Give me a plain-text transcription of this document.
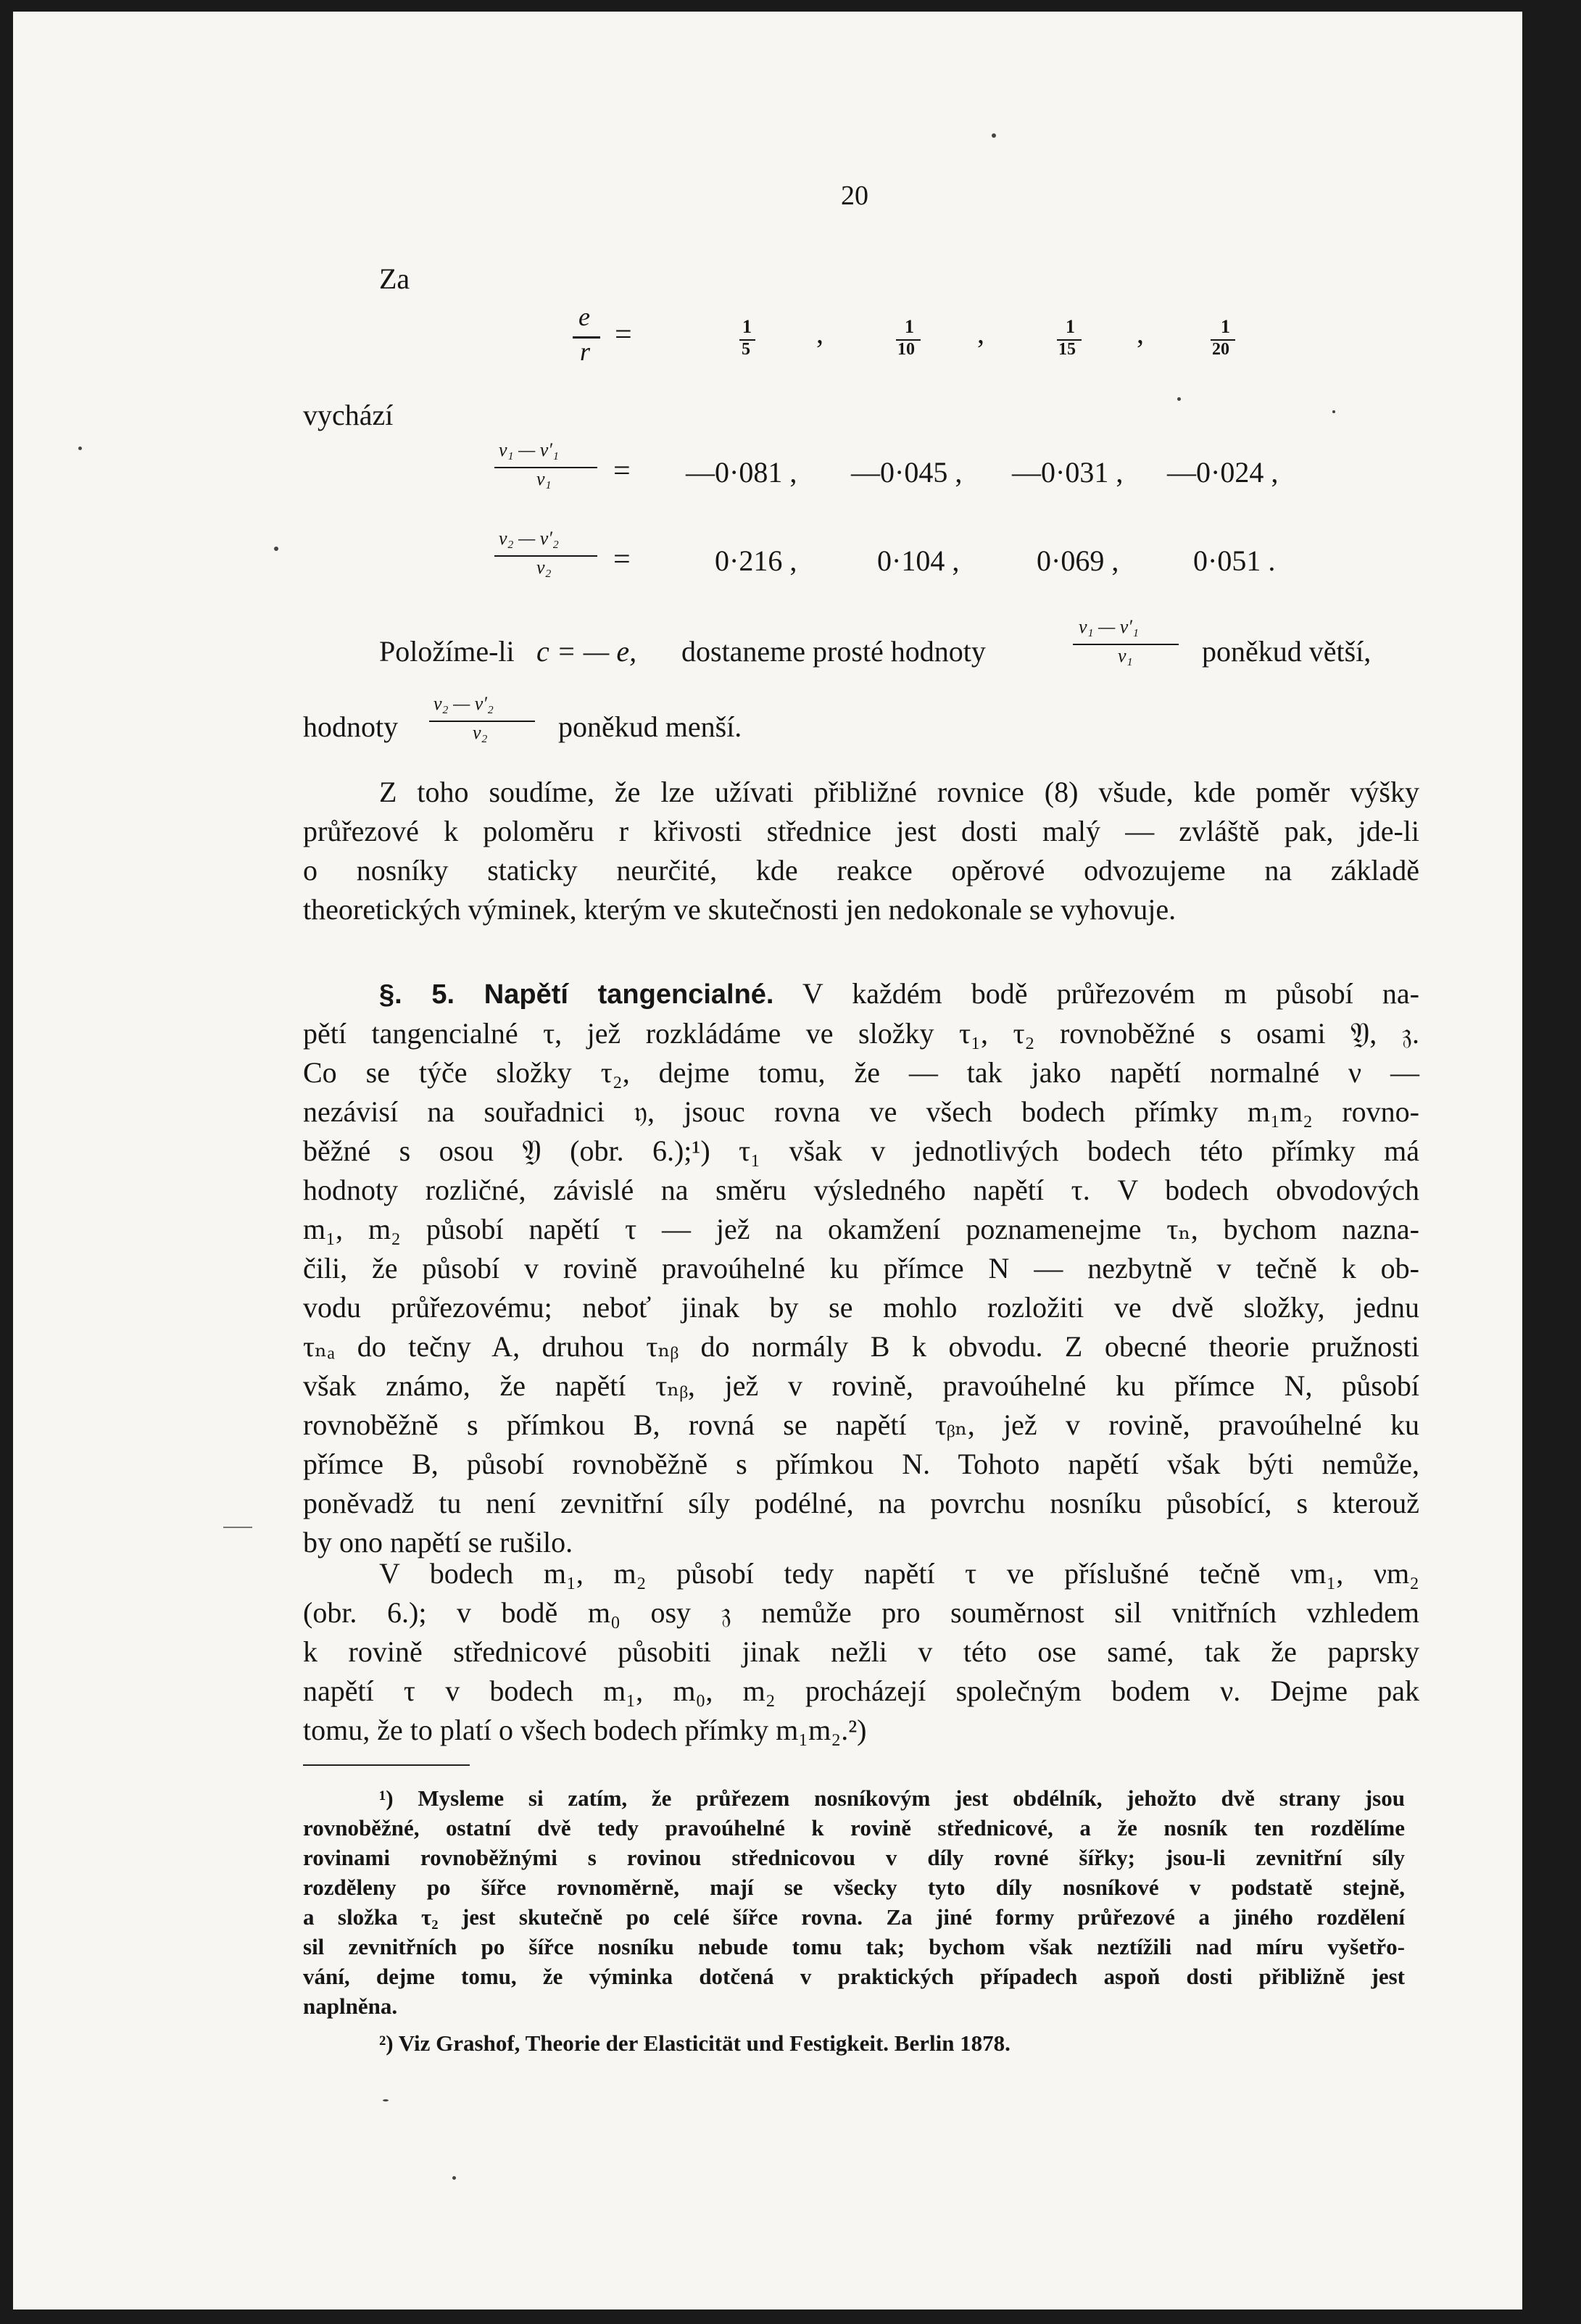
20
Za
e
r =	1
5 ,	1
10 ,	1
15 ,	1
20
vychází
ν₁ — ν′₁
ν₁ = —0·081 , —0·045 , —0·031 , —0·024 ,
ν₂ — ν′₂
ν₂ =	0·216 ,	0·104 ,	0·069 ,	0·051 .
Položíme-li c = — e, dostaneme prosté hodnoty
ν₁ — ν′₁
ν₁ poněkud větší,
hodnoty
ν₂ — ν′₂
ν₂ poněkud menší.
Z toho soudíme, že lze užívati přibližné rovnice (8) všude, kde poměr výšky
průřezové k poloměru r křivosti střednice jest dosti malý — zvláště pak, jde-li
o nosníky staticky neurčité, kde reakce opěrové odvozujeme na základě
theoretických výminek, kterým ve skutečnosti jen nedokonale se vyhovuje.
§. 5. Napětí tangencialné. V každém bodě průřezovém m působí na-
pětí tangencialné τ, jež rozkládáme ve složky τ₁, τ₂ rovnoběžné s osami 𝔜, 𝔷.
Co se týče složky τ₂, dejme tomu, že — tak jako napětí normalné ν —
nezávisí na souřadnici 𝔶, jsouc rovna ve všech bodech přímky m₁m₂ rovno-
běžné s osou 𝔜 (obr. 6.);¹) τ₁ však v jednotlivých bodech této přímky má
hodnoty rozličné, závislé na směru výsledného napětí τ. V bodech obvodových
m₁, m₂ působí napětí τ — jež na okamžení poznamenejme τₙ, bychom nazna-
čili, že působí v rovině pravoúhelné ku přímce N — nezbytně v tečně k ob-
vodu průřezovému; neboť jinak by se mohlo rozložiti ve dvě složky, jednu
τₙₐ do tečny A, druhou τₙᵦ do normály B k obvodu. Z obecné theorie pružnosti
však známo, že napětí τₙᵦ, jež v rovině, pravoúhelné ku přímce N, působí
rovnoběžně s přímkou B, rovná se napětí τᵦₙ, jež v rovině, pravoúhelné ku
přímce B, působí rovnoběžně s přímkou N. Tohoto napětí však býti nemůže,
poněvadž tu není zevnitřní síly podélné, na povrchu nosníku působící, s kterouž
by ono napětí se rušilo.
V bodech m₁, m₂ působí tedy napětí τ ve příslušné tečně νm₁, νm₂
(obr. 6.); v bodě m₀ osy 𝔷 nemůže pro souměrnost sil vnitřních vzhledem
k rovině střednicové působiti jinak nežli v této ose samé, tak že paprsky
napětí τ v bodech m₁, m₀, m₂ procházejí společným bodem ν. Dejme pak
tomu, že to platí o všech bodech přímky m₁m₂.²)
¹) Mysleme si zatím, že průřezem nosníkovým jest obdélník, jehožto dvě strany jsou
rovnoběžné, ostatní dvě tedy pravoúhelné k rovině střednicové, a že nosník ten rozdělíme
rovinami rovnoběžnými s rovinou střednicovou v díly rovné šířky; jsou-li zevnitřní síly
rozděleny po šířce rovnoměrně, mají se všecky tyto díly nosníkové v podstatě stejně,
a složka τ₂ jest skutečně po celé šířce rovna. Za jiné formy průřezové a jiného rozdělení
sil zevnitřních po šířce nosníku nebude tomu tak; bychom však neztížili nad míru vyšetřo-
vání, dejme tomu, že výminka dotčená v praktických případech aspoň dosti přibližně jest
naplněna.
²) Viz Grashof, Theorie der Elasticität und Festigkeit. Berlin 1878.
